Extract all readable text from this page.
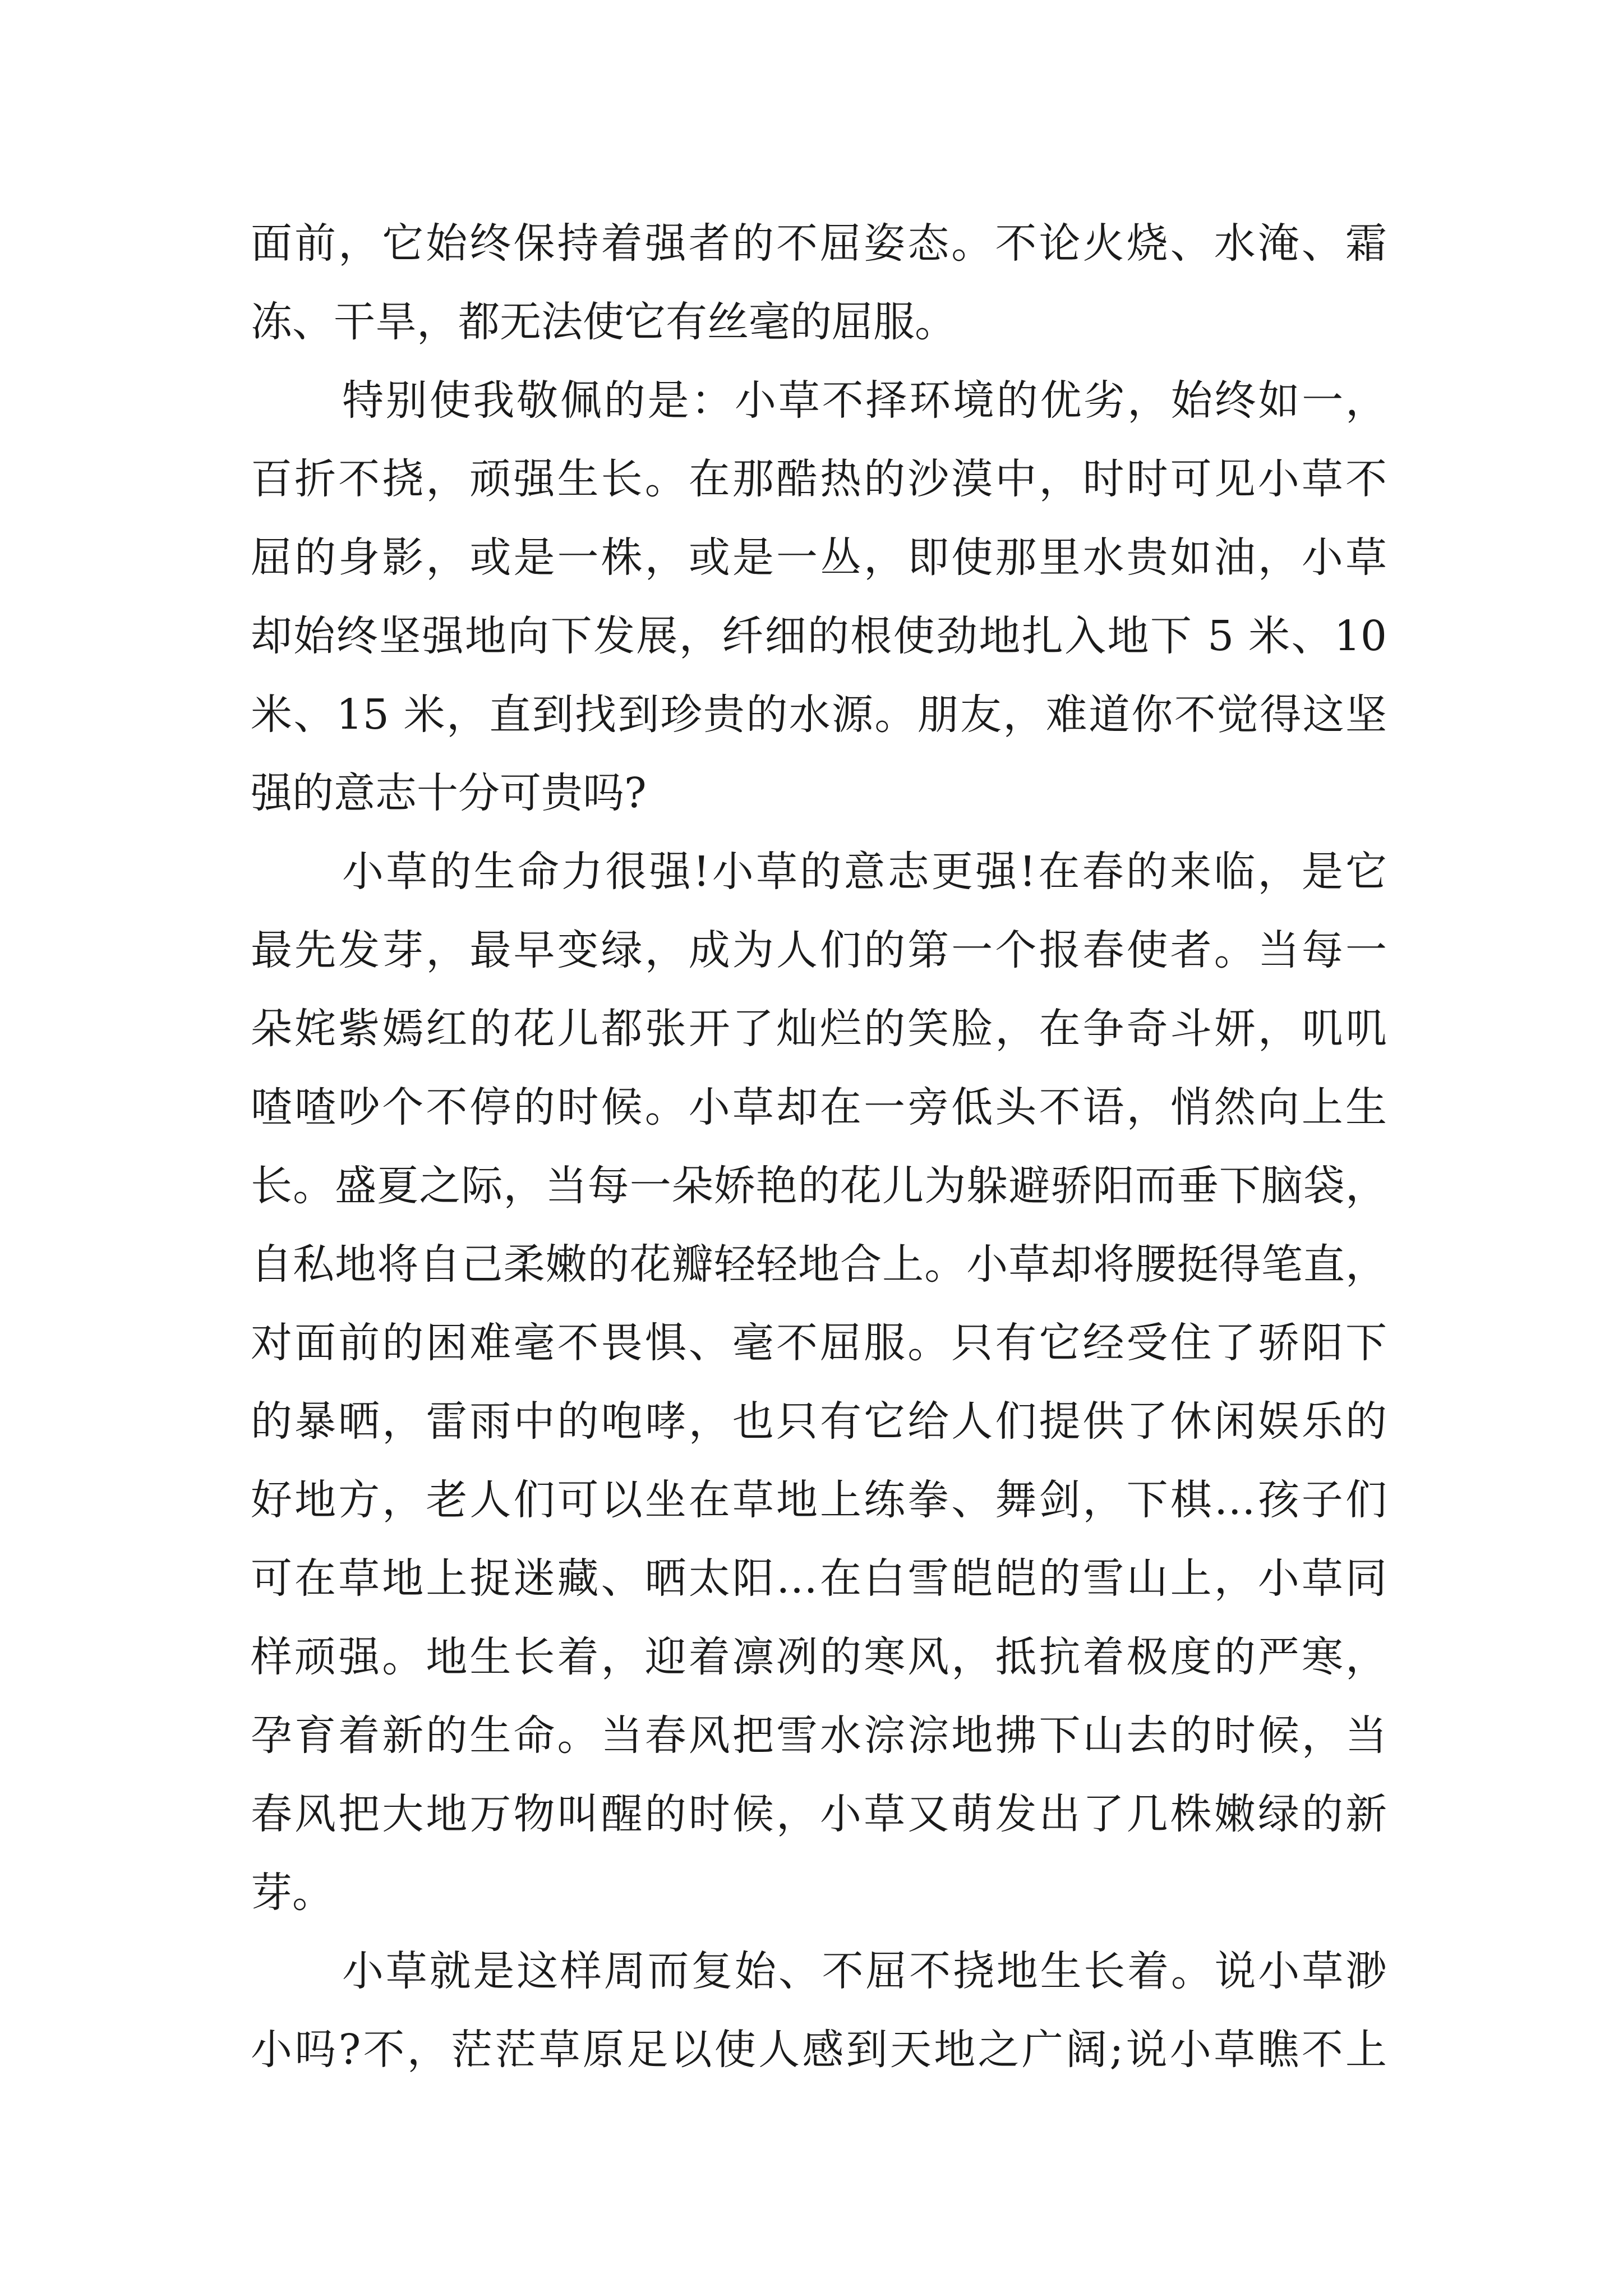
面前，它始终保持着强者的不屈姿态。不论火烧、水淹、霜
冻、干旱，都无法使它有丝毫的屈服。
特别使我敬佩的是：小草不择环境的优劣，始终如一，
百折不挠，顽强生长。在那酷热的沙漠中，时时可见小草不
屈的身影，或是一株，或是一丛，即使那里水贵如油，小草
却始终坚强地向下发展，纤细的根使劲地扎入地下 5 米、10
米、15 米，直到找到珍贵的水源。朋友，难道你不觉得这坚
强的意志十分可贵吗?
小草的生命力很强!小草的意志更强!在春的来临，是它
最先发芽，最早变绿，成为人们的第一个报春使者。当每一
朵姹紫嫣红的花儿都张开了灿烂的笑脸，在争奇斗妍，叽叽
喳喳吵个不停的时候。小草却在一旁低头不语，悄然向上生
长。盛夏之际，当每一朵娇艳的花儿为躲避骄阳而垂下脑袋，
自私地将自己柔嫩的花瓣轻轻地合上。小草却将腰挺得笔直，
对面前的困难毫不畏惧、毫不屈服。只有它经受住了骄阳下
的暴晒，雷雨中的咆哮，也只有它给人们提供了休闲娱乐的
好地方，老人们可以坐在草地上练拳、舞剑，下棋…孩子们
可在草地上捉迷藏、晒太阳…在白雪皑皑的雪山上，小草同
样顽强。地生长着，迎着凛冽的寒风，抵抗着极度的严寒，
孕育着新的生命。当春风把雪水淙淙地拂下山去的时候，当
春风把大地万物叫醒的时候，小草又萌发出了几株嫩绿的新
芽。
小草就是这样周而复始、不屈不挠地生长着。说小草渺
小吗?不，茫茫草原足以使人感到天地之广阔;说小草瞧不上
